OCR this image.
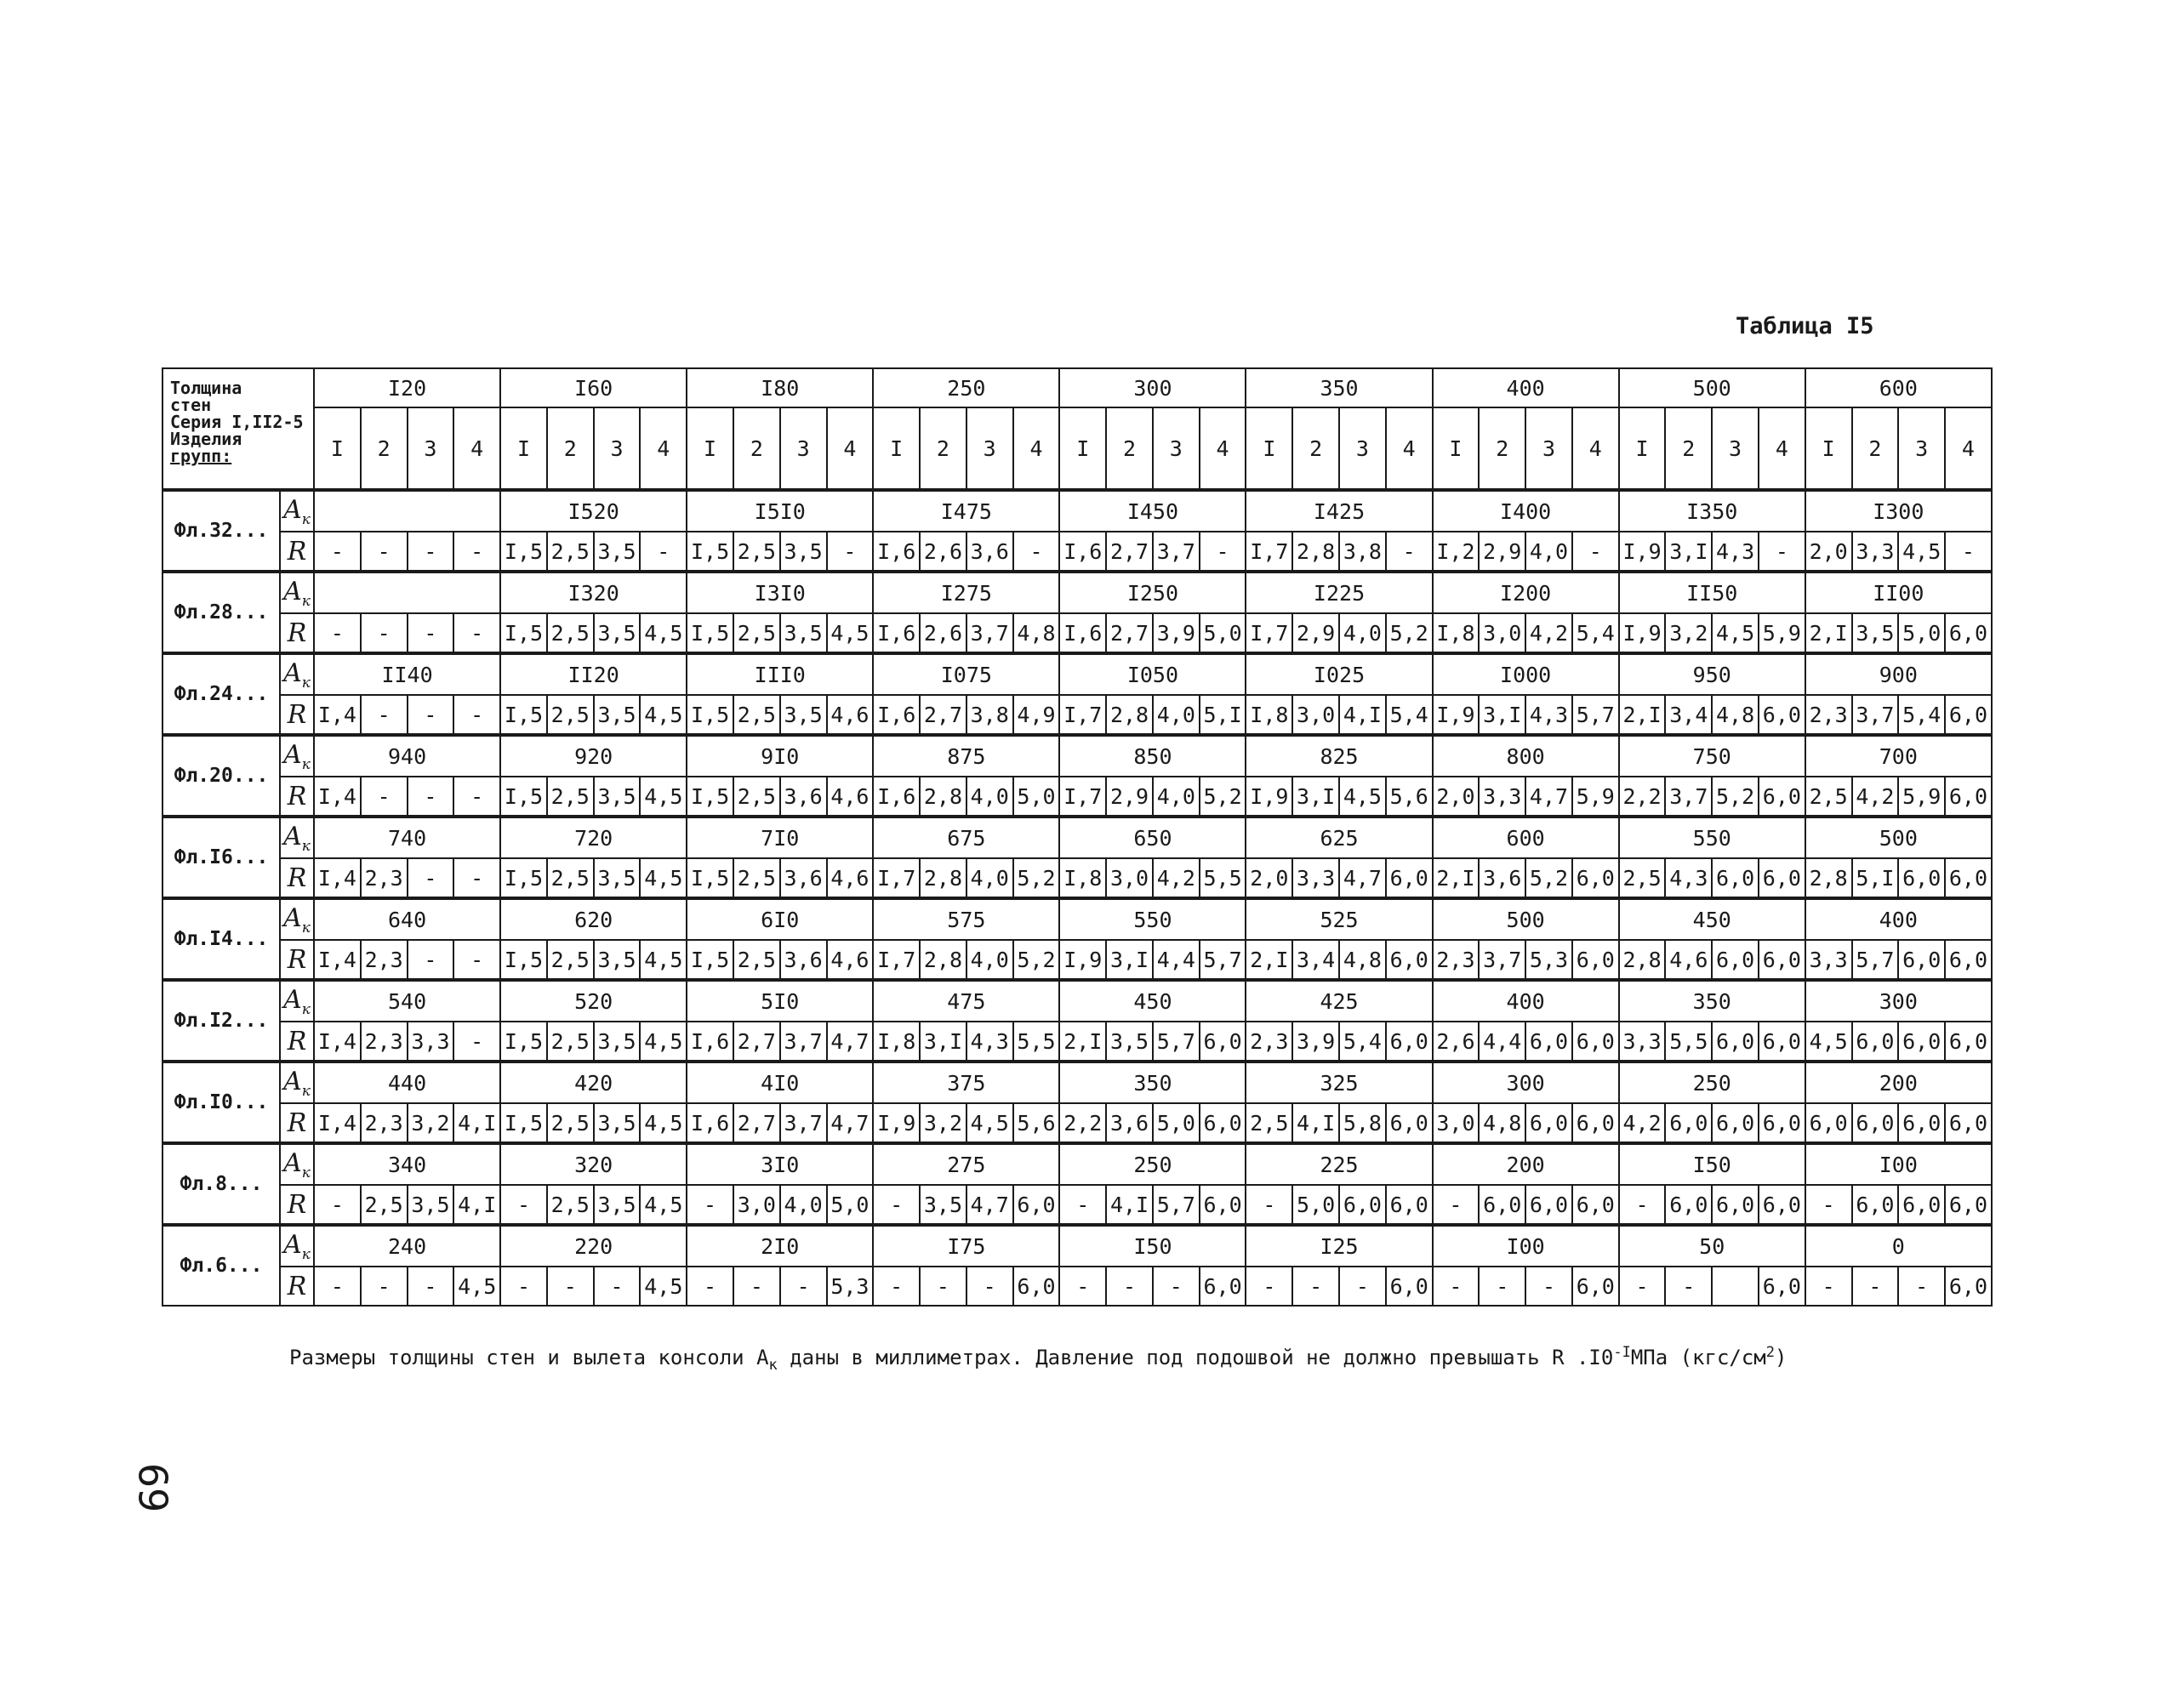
Таблица I5
Толщина
стен
Серия I,II2-5
Изделия
групп:		I20				I60				I80				250				300				350				400				500				600			
		I	2	3	4	I	2	3	4	I	2	3	4	I	2	3	4	I	2	3	4	I	2	3	4	I	2	3	4	I	2	3	4	I	2	3	4
Фл.32...	$A_к$					I520				I5I0				I475				I450				I425				I400				I350				I300			
	R	-	-	-	-	I,5	2,5	3,5	-	I,5	2,5	3,5	-	I,6	2,6	3,6	-	I,6	2,7	3,7	-	I,7	2,8	3,8	-	I,2	2,9	4,0	-	I,9	3,I	4,3	-	2,0	3,3	4,5	-
Фл.28...	$A_к$					I320				I3I0				I275				I250				I225				I200				II50				II00			
	R	-	-	-	-	I,5	2,5	3,5	4,5	I,5	2,5	3,5	4,5	I,6	2,6	3,7	4,8	I,6	2,7	3,9	5,0	I,7	2,9	4,0	5,2	I,8	3,0	4,2	5,4	I,9	3,2	4,5	5,9	2,I	3,5	5,0	6,0
Фл.24...	$A_к$	II40				II20				III0				I075				I050				I025				I000				950				900			
	R	I,4	-	-	-	I,5	2,5	3,5	4,5	I,5	2,5	3,5	4,6	I,6	2,7	3,8	4,9	I,7	2,8	4,0	5,I	I,8	3,0	4,I	5,4	I,9	3,I	4,3	5,7	2,I	3,4	4,8	6,0	2,3	3,7	5,4	6,0
Фл.20...	$A_к$	940				920				9I0				875				850				825				800				750				700			
	R	I,4	-	-	-	I,5	2,5	3,5	4,5	I,5	2,5	3,6	4,6	I,6	2,8	4,0	5,0	I,7	2,9	4,0	5,2	I,9	3,I	4,5	5,6	2,0	3,3	4,7	5,9	2,2	3,7	5,2	6,0	2,5	4,2	5,9	6,0
Фл.I6...	$A_к$	740				720				7I0				675				650				625				600				550				500			
	R	I,4	2,3	-	-	I,5	2,5	3,5	4,5	I,5	2,5	3,6	4,6	I,7	2,8	4,0	5,2	I,8	3,0	4,2	5,5	2,0	3,3	4,7	6,0	2,I	3,6	5,2	6,0	2,5	4,3	6,0	6,0	2,8	5,I	6,0	6,0
Фл.I4...	$A_к$	640				620				6I0				575				550				525				500				450				400			
	R	I,4	2,3	-	-	I,5	2,5	3,5	4,5	I,5	2,5	3,6	4,6	I,7	2,8	4,0	5,2	I,9	3,I	4,4	5,7	2,I	3,4	4,8	6,0	2,3	3,7	5,3	6,0	2,8	4,6	6,0	6,0	3,3	5,7	6,0	6,0
Фл.I2...	$A_к$	540				520				5I0				475				450				425				400				350				300			
	R	I,4	2,3	3,3	-	I,5	2,5	3,5	4,5	I,6	2,7	3,7	4,7	I,8	3,I	4,3	5,5	2,I	3,5	5,7	6,0	2,3	3,9	5,4	6,0	2,6	4,4	6,0	6,0	3,3	5,5	6,0	6,0	4,5	6,0	6,0	6,0
Фл.I0...	$A_к$	440				420				4I0				375				350				325				300				250				200			
	R	I,4	2,3	3,2	4,I	I,5	2,5	3,5	4,5	I,6	2,7	3,7	4,7	I,9	3,2	4,5	5,6	2,2	3,6	5,0	6,0	2,5	4,I	5,8	6,0	3,0	4,8	6,0	6,0	4,2	6,0	6,0	6,0	6,0	6,0	6,0	6,0
Фл.8...	$A_к$	340				320				3I0				275				250				225				200				I50				I00			
	R	-	2,5	3,5	4,I	-	2,5	3,5	4,5	-	3,0	4,0	5,0	-	3,5	4,7	6,0	-	4,I	5,7	6,0	-	5,0	6,0	6,0	-	6,0	6,0	6,0	-	6,0	6,0	6,0	-	6,0	6,0	6,0
Фл.6...	$A_к$	240				220				2I0				I75				I50				I25				I00				50				0			
	R	-	-	-	4,5	-	-	-	4,5	-	-	-	5,3	-	-	-	6,0	-	-	-	6,0	-	-	-	6,0	-	-	-	6,0	-	-		6,0	-	-	-	6,0
Размеры толщины стен и вылета консоли $A_к$ даны в миллиметрах. Давление под подошвой не должно превышать R $.I0^{-I}МПа$ $(кгс/см^2)$
69
